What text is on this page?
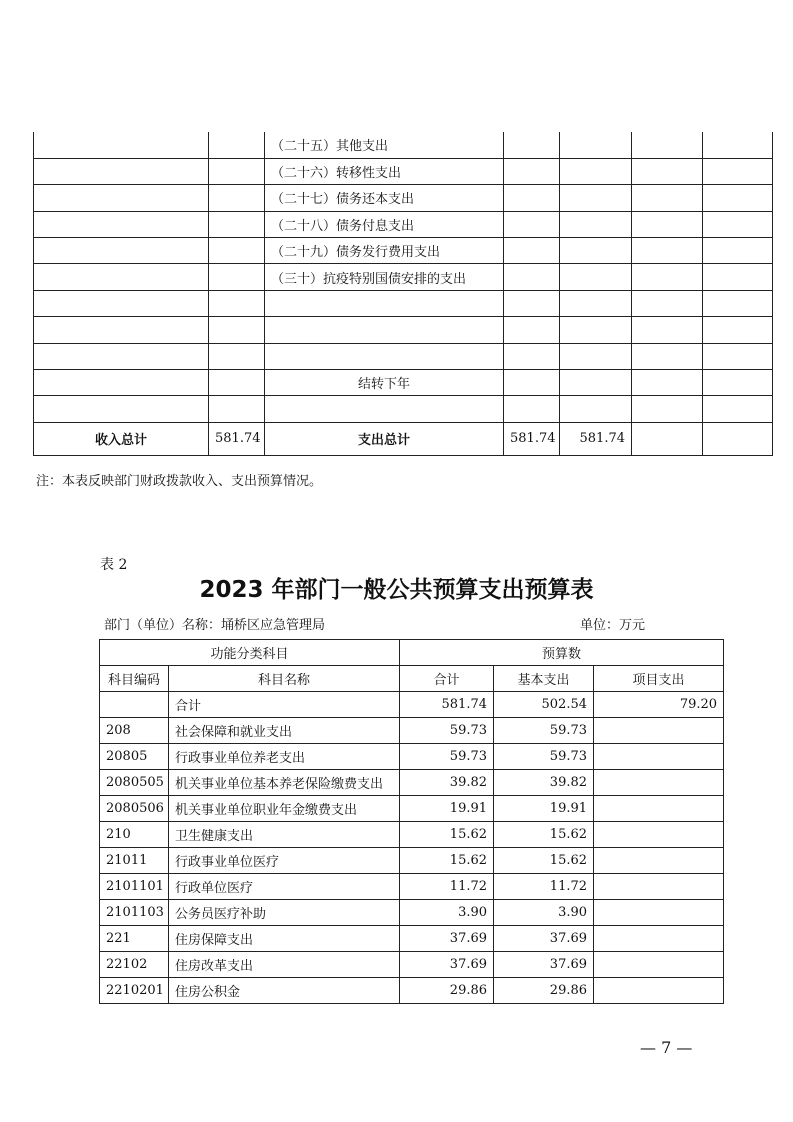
		（二十五）其他支出				
		（二十六）转移性支出				
		（二十七）债务还本支出				
		（二十八）债务付息支出				
		（二十九）债务发行费用支出				
		（三十）抗疫特别国债安排的支出				

		结转下年				

收入总计	581.74	支出总计	581.74	581.74		
注：本表反映部门财政拨款收入、支出预算情况。
表 2
2023 年部门一般公共预算支出预算表
部门（单位）名称：埇桥区应急管理局	单位：万元
功能分类科目		预算数		
科目编码	科目名称	合计	基本支出	项目支出
	合计	581.74	502.54	79.20
208	社会保障和就业支出	59.73	59.73	
20805	行政事业单位养老支出	59.73	59.73	
2080505	机关事业单位基本养老保险缴费支出	39.82	39.82	
2080506	机关事业单位职业年金缴费支出	19.91	19.91	
210	卫生健康支出	15.62	15.62	
21011	行政事业单位医疗	15.62	15.62	
2101101	行政单位医疗	11.72	11.72	
2101103	公务员医疗补助	3.90	3.90	
221	住房保障支出	37.69	37.69	
22102	住房改革支出	37.69	37.69	
2210201	住房公积金	29.86	29.86	
— 7 —
